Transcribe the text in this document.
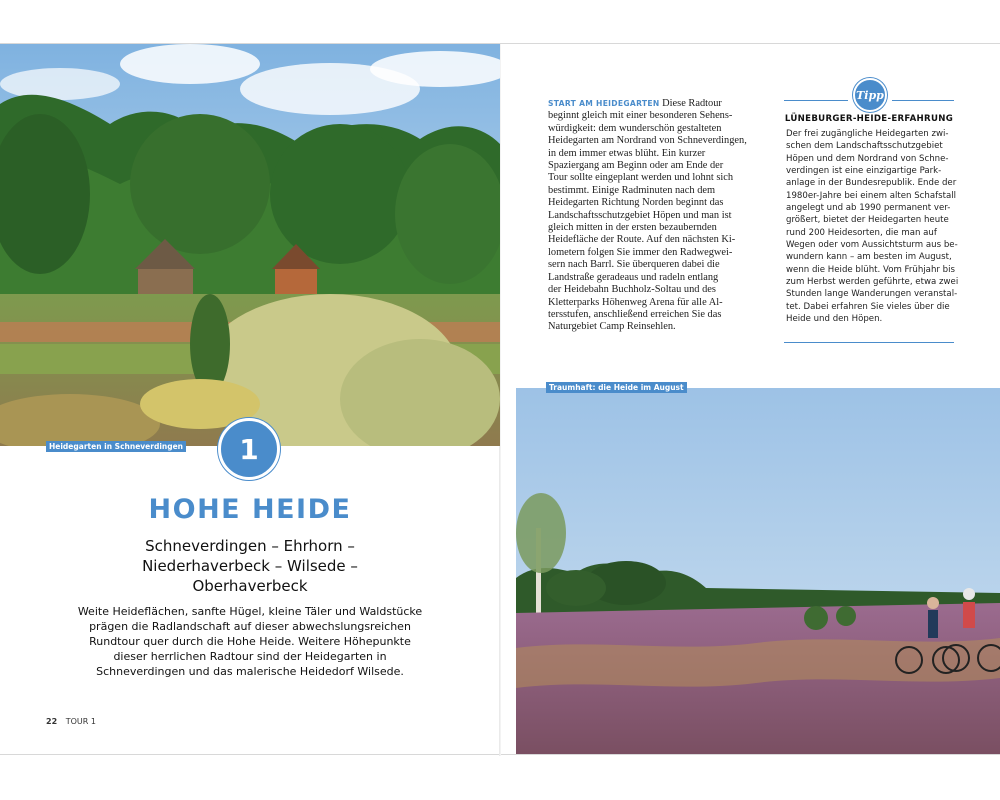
Heidegarten in Schneverdingen 1
HOHE HEIDE
Schneverdingen – Ehrhorn –
Niederhaverbeck – Wilsede –
Oberhaverbeck
Weite Heideflächen, sanfte Hügel, kleine Täler und Waldstücke
prägen die Radlandschaft auf dieser abwechslungsreichen
Rundtour quer durch die Hohe Heide. Weitere Höhepunkte
dieser herrlichen Radtour sind der Heidegarten in
Schneverdingen und das malerische Heidedorf Wilsede.
22 TOUR 1
START AM HEIDEGARTEN Diese Radtour
beginnt gleich mit einer besonderen Sehens-
würdigkeit: dem wunderschön gestalteten
Heidegarten am Nordrand von Schneverdingen,
in dem immer etwas blüht. Ein kurzer
Spaziergang am Beginn oder am Ende der
Tour sollte eingeplant werden und lohnt sich
bestimmt. Einige Radminuten nach dem
Heidegarten Richtung Norden beginnt das
Landschaftsschutzgebiet Höpen und man ist
gleich mitten in der ersten bezaubernden
Heidefläche der Route. Auf den nächsten Ki-
lometern folgen Sie immer den Radwegwei-
sern nach Barrl. Sie überqueren dabei die
Landstraße geradeaus und radeln entlang
der Heidebahn Buchholz-Soltau und des
Kletterparks Höhenweg Arena für alle Al-
tersstufen, anschließend erreichen Sie das
Naturgebiet Camp Reinsehlen.
Tipp
LÜNEBURGER-HEIDE-ERFAHRUNG
Der frei zugängliche Heidegarten zwi-
schen dem Landschaftsschutzgebiet
Höpen und dem Nordrand von Schne-
verdingen ist eine einzigartige Park-
anlage in der Bundesrepublik. Ende der
1980er-Jahre bei einem alten Schafstall
angelegt und ab 1990 permanent ver-
größert, bietet der Heidegarten heute
rund 200 Heidesorten, die man auf
Wegen oder vom Aussichtsturm aus be-
wundern kann – am besten im August,
wenn die Heide blüht. Vom Frühjahr bis
zum Herbst werden geführte, etwa zwei
Stunden lange Wanderungen veranstal-
tet. Dabei erfahren Sie vieles über die
Heide und den Höpen.
Traumhaft: die Heide im August
